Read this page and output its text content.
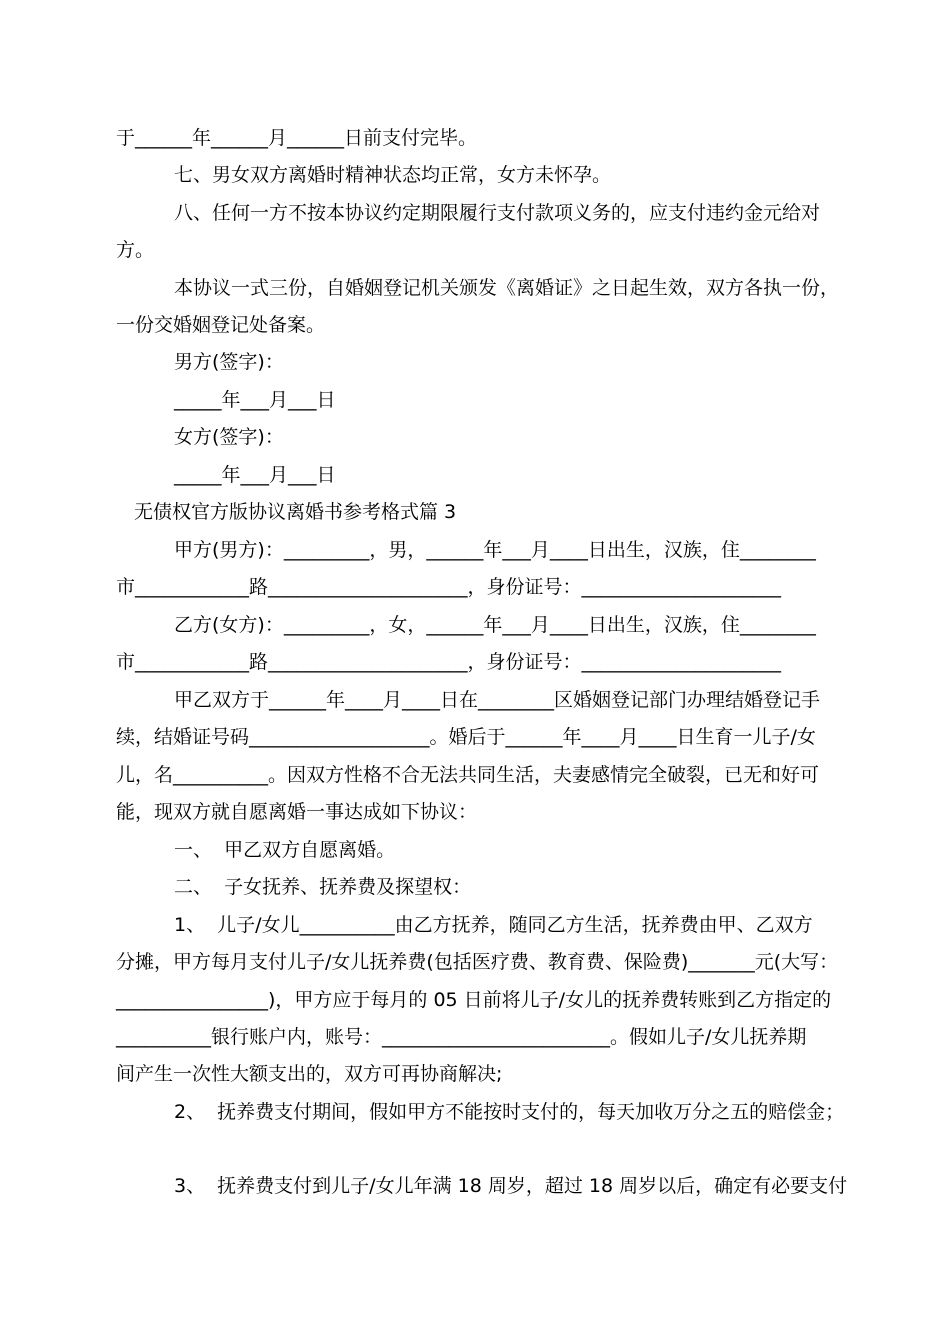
于______年______月______日前支付完毕。
七、男女双方离婚时精神状态均正常，女方未怀孕。
八、任何一方不按本协议约定期限履行支付款项义务的，应支付违约金元给对
方。
本协议一式三份，自婚姻登记机关颁发《离婚证》之日起生效，双方各执一份，
一份交婚姻登记处备案。
男方(签字)：
_____年___月___日
女方(签字)：
_____年___月___日
无债权官方版协议离婚书参考格式篇 3
甲方(男方)：_________，男，______年___月____日出生，汉族，住________
市____________路_____________________，身份证号：_____________________
乙方(女方)：_________，女，______年___月____日出生，汉族，住________
市____________路_____________________，身份证号：_____________________
甲乙双方于______年____月____日在________区婚姻登记部门办理结婚登记手
续，结婚证号码___________________。婚后于______年____月____日生育一儿子/女
儿，名__________。因双方性格不合无法共同生活，夫妻感情完全破裂，已无和好可
能，现双方就自愿离婚一事达成如下协议：
一、  甲乙双方自愿离婚。
二、  子女抚养、抚养费及探望权：
1、  儿子/女儿__________由乙方抚养，随同乙方生活，抚养费由甲、乙双方
分摊，甲方每月支付儿子/女儿抚养费(包括医疗费、教育费、保险费)_______元(大写：
________________)，甲方应于每月的 05 日前将儿子/女儿的抚养费转账到乙方指定的
__________银行账户内，账号：________________________。假如儿子/女儿抚养期
间产生一次性大额支出的，双方可再协商解决;
2、  抚养费支付期间，假如甲方不能按时支付的，每天加收万分之五的赔偿金；
3、  抚养费支付到儿子/女儿年满 18 周岁，超过 18 周岁以后，确定有必要支付
